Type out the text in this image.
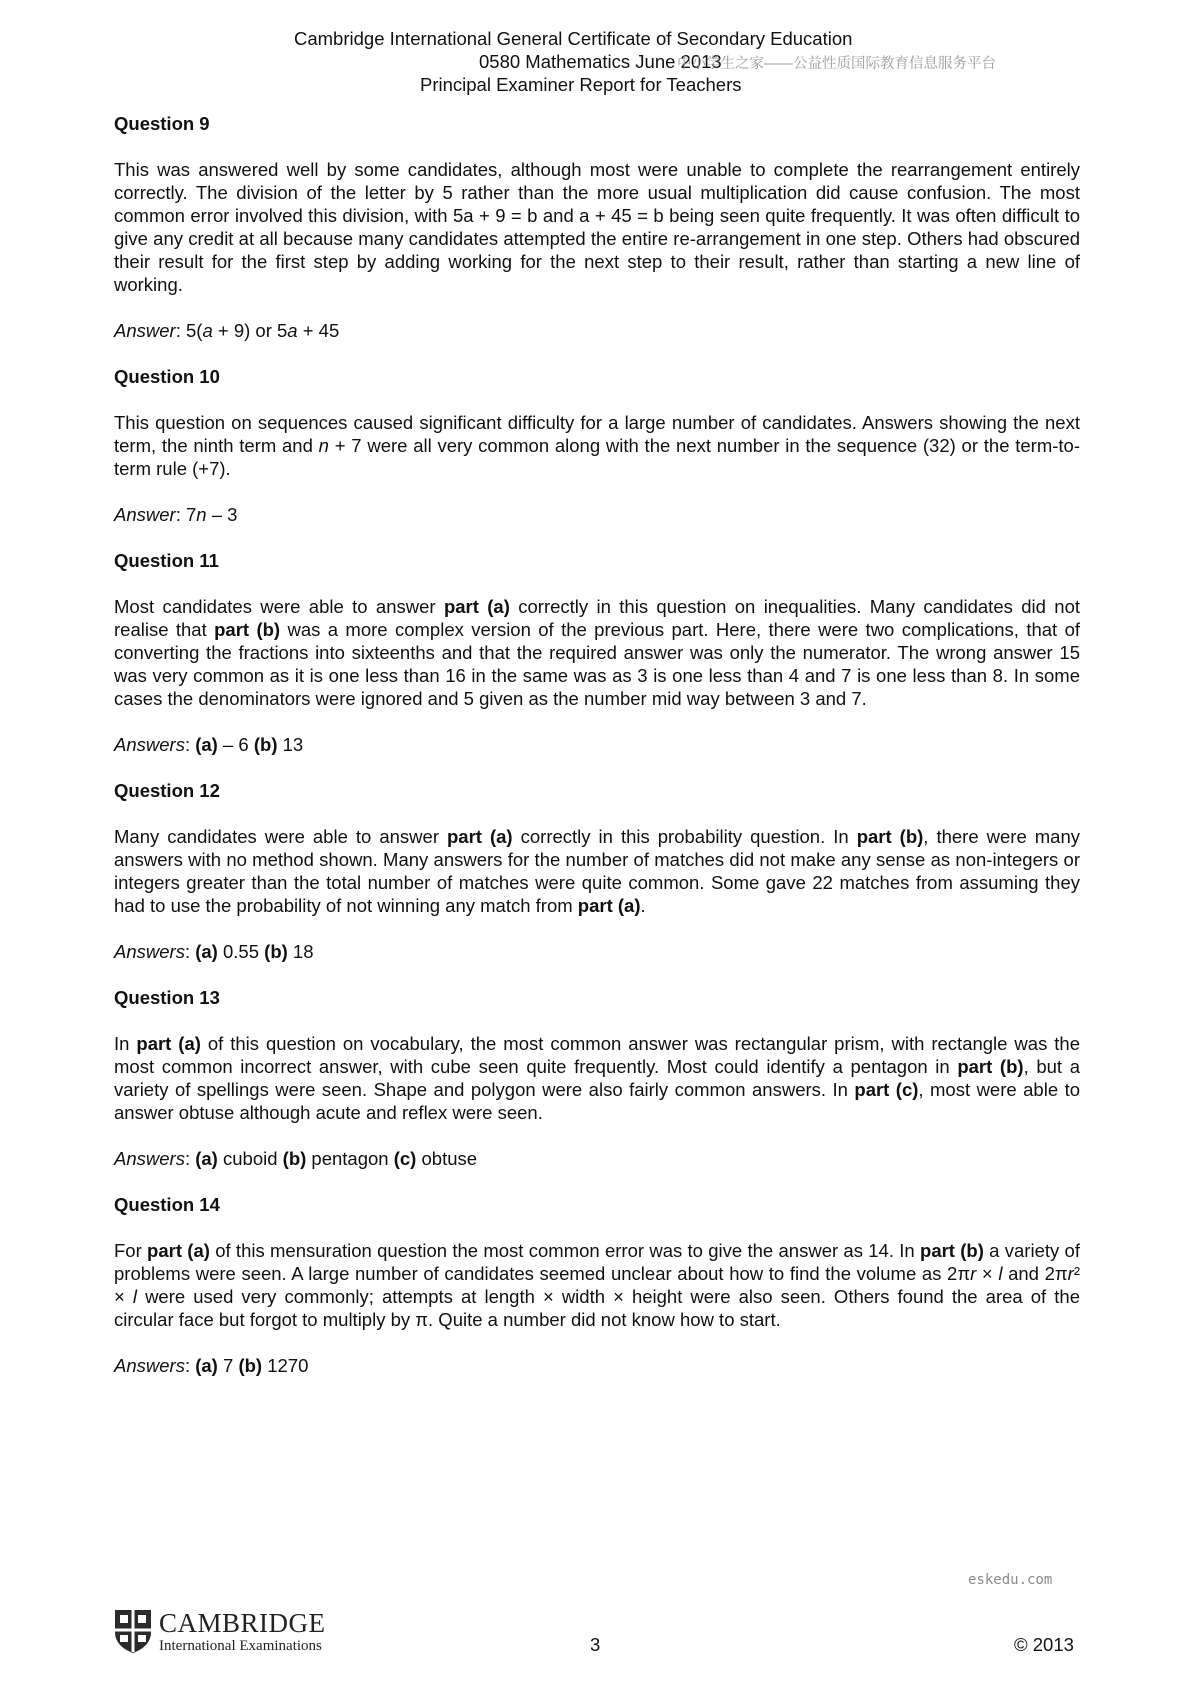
Cambridge International General Certificate of Secondary Education
0580 Mathematics June 2013
Principal Examiner Report for Teachers
中小学生之家——公益性质国际教育信息服务平台
Question 9
This was answered well by some candidates, although most were unable to complete the rearrangement entirely correctly. The division of the letter by 5 rather than the more usual multiplication did cause confusion. The most common error involved this division, with 5a + 9 = b and a + 45 = b being seen quite frequently. It was often difficult to give any credit at all because many candidates attempted the entire re-arrangement in one step. Others had obscured their result for the first step by adding working for the next step to their result, rather than starting a new line of working.
Answer: 5(a + 9) or 5a + 45
Question 10
This question on sequences caused significant difficulty for a large number of candidates. Answers showing the next term, the ninth term and n + 7 were all very common along with the next number in the sequence (32) or the term-to-term rule (+7).
Answer: 7n – 3
Question 11
Most candidates were able to answer part (a) correctly in this question on inequalities. Many candidates did not realise that part (b) was a more complex version of the previous part. Here, there were two complications, that of converting the fractions into sixteenths and that the required answer was only the numerator. The wrong answer 15 was very common as it is one less than 16 in the same was as 3 is one less than 4 and 7 is one less than 8. In some cases the denominators were ignored and 5 given as the number mid way between 3 and 7.
Answers: (a) – 6 (b) 13
Question 12
Many candidates were able to answer part (a) correctly in this probability question. In part (b), there were many answers with no method shown. Many answers for the number of matches did not make any sense as non-integers or integers greater than the total number of matches were quite common. Some gave 22 matches from assuming they had to use the probability of not winning any match from part (a).
Answers: (a) 0.55 (b) 18
Question 13
In part (a) of this question on vocabulary, the most common answer was rectangular prism, with rectangle was the most common incorrect answer, with cube seen quite frequently. Most could identify a pentagon in part (b), but a variety of spellings were seen. Shape and polygon were also fairly common answers. In part (c), most were able to answer obtuse although acute and reflex were seen.
Answers: (a) cuboid (b) pentagon (c) obtuse
Question 14
For part (a) of this mensuration question the most common error was to give the answer as 14. In part (b) a variety of problems were seen. A large number of candidates seemed unclear about how to find the volume as 2πr × l and 2πr² × l were used very commonly; attempts at length × width × height were also seen. Others found the area of the circular face but forgot to multiply by π. Quite a number did not know how to start.
Answers: (a) 7 (b) 1270
eskedu.com
CAMBRIDGE
International Examinations	3	© 2013
